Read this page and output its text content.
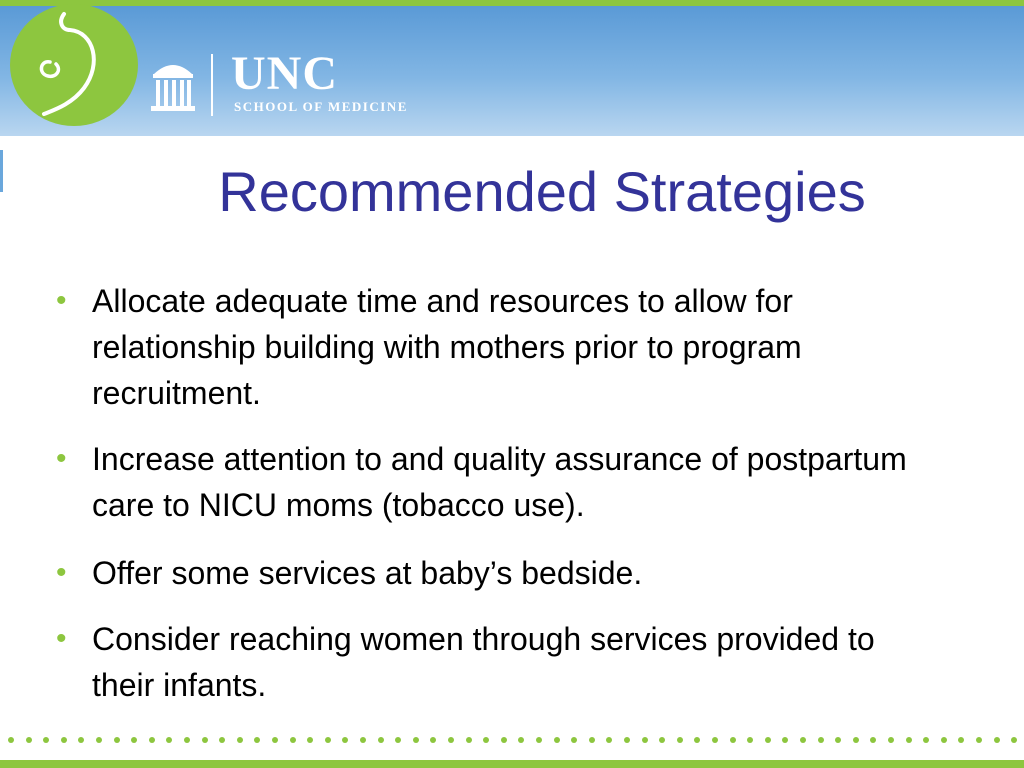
UNC
SCHOOL OF MEDICINE
Recommended Strategies
• Allocate adequate time and resources to allow for relationship building with mothers prior to program recruitment.
• Increase attention to and quality assurance of postpartum care to NICU moms (tobacco use).
• Offer some services at baby’s bedside.
• Consider reaching women through services provided to their infants.
